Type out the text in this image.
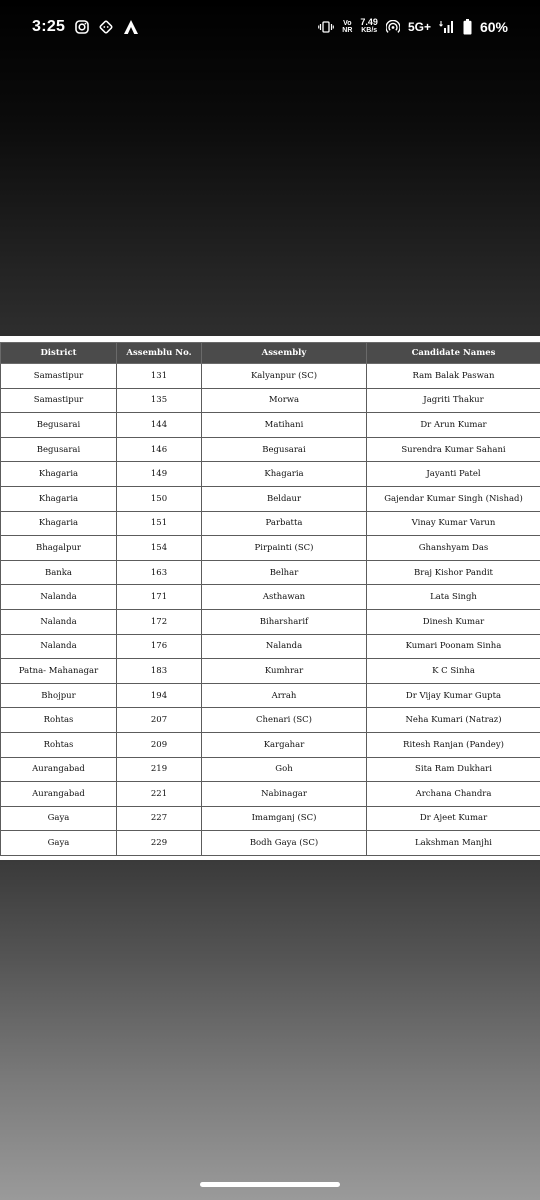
3:25	Vo
NR
7.49
KB/s	5G+	60%
District	Assemblu No.	Assembly	Candidate Names
Samastipur	131	Kalyanpur (SC)	Ram Balak Paswan
Samastipur	135	Morwa	Jagriti Thakur
Begusarai	144	Matihani	Dr Arun Kumar
Begusarai	146	Begusarai	Surendra Kumar Sahani
Khagaria	149	Khagaria	Jayanti Patel
Khagaria	150	Beldaur	Gajendar Kumar Singh (Nishad)
Khagaria	151	Parbatta	Vinay Kumar Varun
Bhagalpur	154	Pirpainti (SC)	Ghanshyam Das
Banka	163	Belhar	Braj Kishor Pandit
Nalanda	171	Asthawan	Lata Singh
Nalanda	172	Biharsharif	Dinesh Kumar
Nalanda	176	Nalanda	Kumari Poonam Sinha
Patna- Mahanagar	183	Kumhrar	K C Sinha
Bhojpur	194	Arrah	Dr Vijay Kumar Gupta
Rohtas	207	Chenari (SC)	Neha Kumari (Natraz)
Rohtas	209	Kargahar	Ritesh Ranjan (Pandey)
Aurangabad	219	Goh	Sita Ram Dukhari
Aurangabad	221	Nabinagar	Archana Chandra
Gaya	227	Imamganj (SC)	Dr Ajeet Kumar
Gaya	229	Bodh Gaya (SC)	Lakshman Manjhi
